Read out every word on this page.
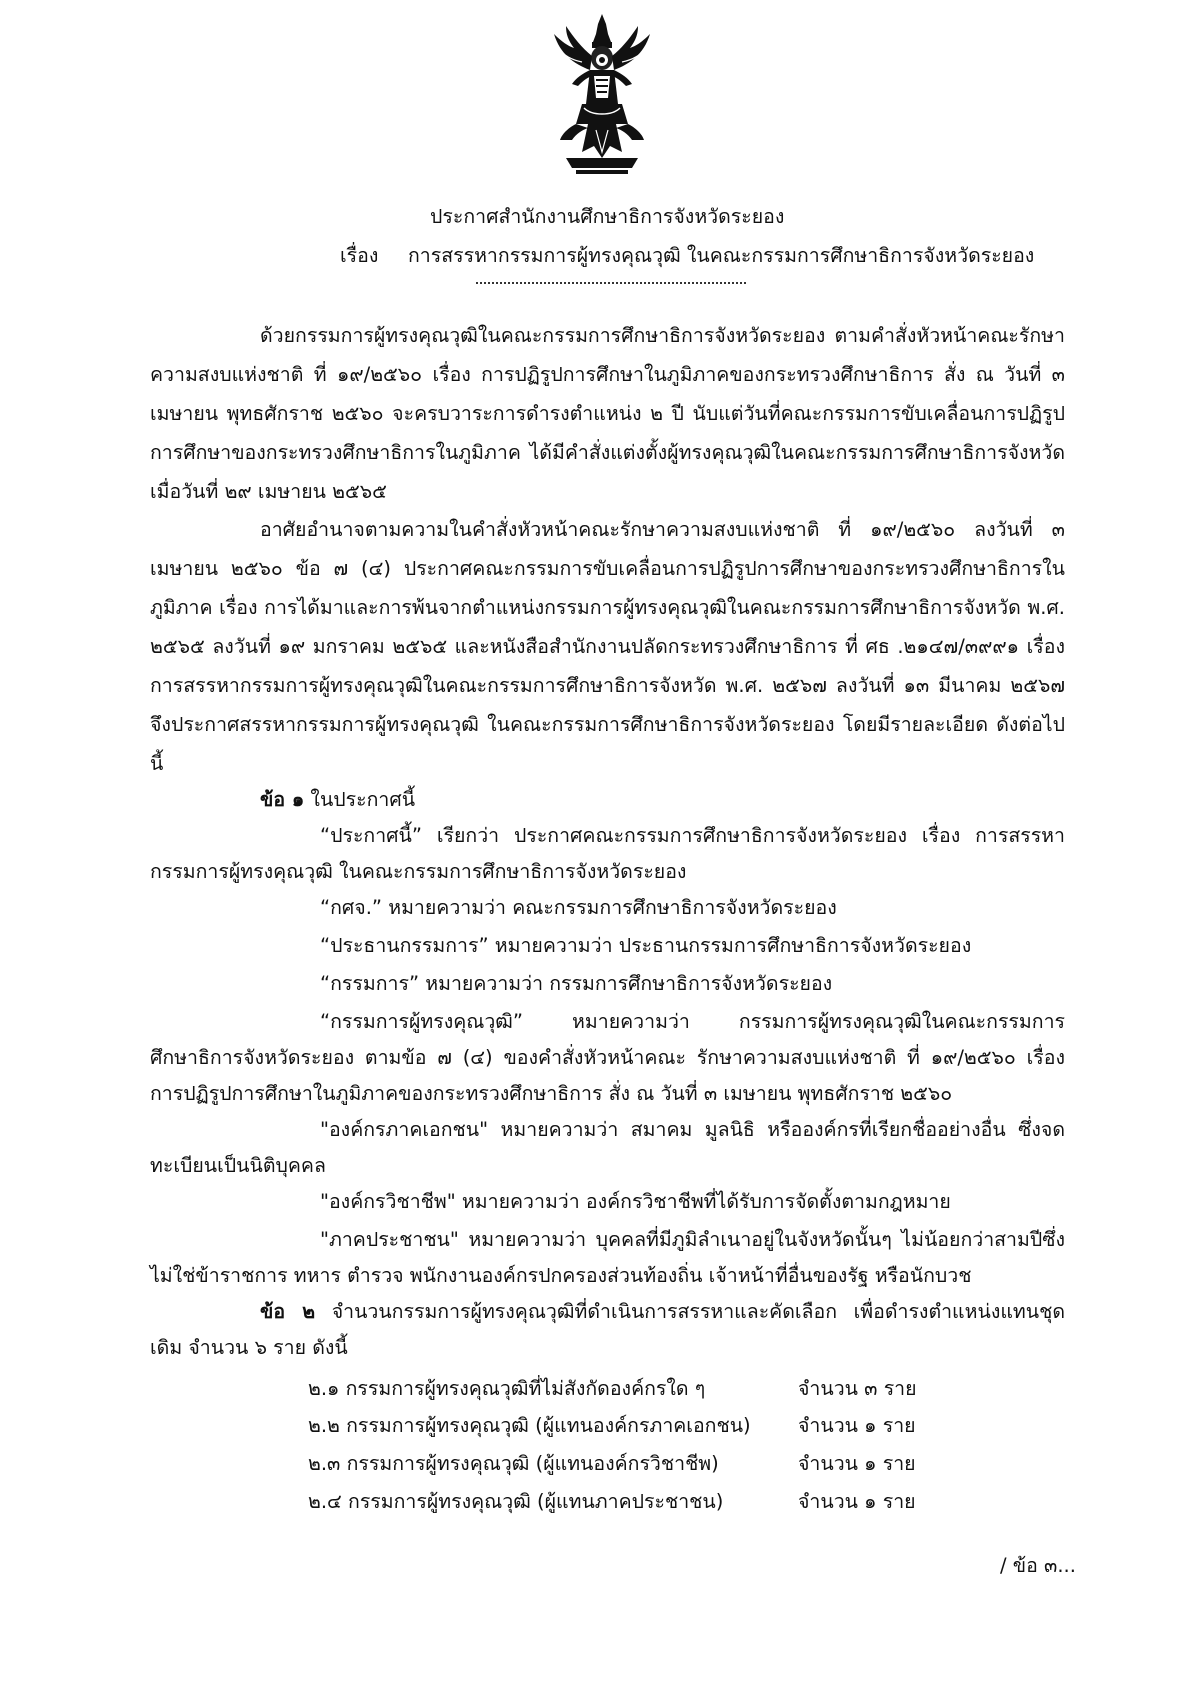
ประกาศสำนักงานศึกษาธิการจังหวัดระยอง
เรื่อง การสรรหากรรมการผู้ทรงคุณวุฒิ ในคณะกรรมการศึกษาธิการจังหวัดระยอง
ด้วยกรรมการผู้ทรงคุณวุฒิในคณะกรรมการศึกษาธิการจังหวัดระยอง ตามคำสั่งหัวหน้าคณะรักษาความสงบแห่งชาติ ที่ ๑๙/๒๕๖๐ เรื่อง การปฏิรูปการศึกษาในภูมิภาคของกระทรวงศึกษาธิการ สั่ง ณ วันที่ ๓ เมษายน พุทธศักราช ๒๕๖๐ จะครบวาระการดำรงตำแหน่ง ๒ ปี นับแต่วันที่คณะกรรมการขับเคลื่อนการปฏิรูปการศึกษาของกระทรวงศึกษาธิการในภูมิภาค ได้มีคำสั่งแต่งตั้งผู้ทรงคุณวุฒิในคณะกรรมการศึกษาธิการจังหวัด เมื่อวันที่ ๒๙ เมษายน ๒๕๖๕
อาศัยอำนาจตามความในคำสั่งหัวหน้าคณะรักษาความสงบแห่งชาติ ที่ ๑๙/๒๕๖๐ ลงวันที่ ๓ เมษายน ๒๕๖๐ ข้อ ๗ (๔) ประกาศคณะกรรมการขับเคลื่อนการปฏิรูปการศึกษาของกระทรวงศึกษาธิการในภูมิภาค เรื่อง การได้มาและการพ้นจากตำแหน่งกรรมการผู้ทรงคุณวุฒิในคณะกรรมการศึกษาธิการจังหวัด พ.ศ. ๒๕๖๕ ลงวันที่ ๑๙ มกราคม ๒๕๖๕ และหนังสือสำนักงานปลัดกระทรวงศึกษาธิการ ที่ ศธ .๒๑๔๗/๓๙๙๑ เรื่อง การสรรหากรรมการผู้ทรงคุณวุฒิในคณะกรรมการศึกษาธิการจังหวัด พ.ศ. ๒๕๖๗ ลงวันที่ ๑๓ มีนาคม ๒๕๖๗ จึงประกาศสรรหากรรมการผู้ทรงคุณวุฒิ ในคณะกรรมการศึกษาธิการจังหวัดระยอง โดยมีรายละเอียด ดังต่อไปนี้
ข้อ ๑ ในประกาศนี้
“ประกาศนี้” เรียกว่า ประกาศคณะกรรมการศึกษาธิการจังหวัดระยอง เรื่อง การสรรหากรรมการผู้ทรงคุณวุฒิ ในคณะกรรมการศึกษาธิการจังหวัดระยอง
“กศจ.” หมายความว่า คณะกรรมการศึกษาธิการจังหวัดระยอง
“ประธานกรรมการ” หมายความว่า ประธานกรรมการศึกษาธิการจังหวัดระยอง
“กรรมการ” หมายความว่า กรรมการศึกษาธิการจังหวัดระยอง
“กรรมการผู้ทรงคุณวุฒิ” หมายความว่า กรรมการผู้ทรงคุณวุฒิในคณะกรรมการศึกษาธิการจังหวัดระยอง ตามข้อ ๗ (๔) ของคำสั่งหัวหน้าคณะ รักษาความสงบแห่งชาติ ที่ ๑๙/๒๕๖๐ เรื่อง การปฏิรูปการศึกษาในภูมิภาคของกระทรวงศึกษาธิการ สั่ง ณ วันที่ ๓ เมษายน พุทธศักราช ๒๕๖๐
"องค์กรภาคเอกชน" หมายความว่า สมาคม มูลนิธิ หรือองค์กรที่เรียกชื่ออย่างอื่น ซึ่งจดทะเบียนเป็นนิติบุคคล
"องค์กรวิชาชีพ" หมายความว่า องค์กรวิชาชีพที่ได้รับการจัดตั้งตามกฎหมาย
"ภาคประชาชน" หมายความว่า บุคคลที่มีภูมิลำเนาอยู่ในจังหวัดนั้นๆ ไม่น้อยกว่าสามปีซึ่งไม่ใช่ข้าราชการ ทหาร ตำรวจ พนักงานองค์กรปกครองส่วนท้องถิ่น เจ้าหน้าที่อื่นของรัฐ หรือนักบวช
ข้อ ๒ จำนวนกรรมการผู้ทรงคุณวุฒิที่ดำเนินการสรรหาและคัดเลือก เพื่อดำรงตำแหน่งแทนชุดเดิม จำนวน ๖ ราย ดังนี้
๒.๑ กรรมการผู้ทรงคุณวุฒิที่ไม่สังกัดองค์กรใด ๆ	จำนวน ๓ ราย
๒.๒ กรรมการผู้ทรงคุณวุฒิ (ผู้แทนองค์กรภาคเอกชน) จำนวน ๑ ราย
๒.๓ กรรมการผู้ทรงคุณวุฒิ (ผู้แทนองค์กรวิชาชีพ)	จำนวน ๑ ราย
๒.๔ กรรมการผู้ทรงคุณวุฒิ (ผู้แทนภาคประชาชน)	จำนวน ๑ ราย
/ ข้อ ๓...
